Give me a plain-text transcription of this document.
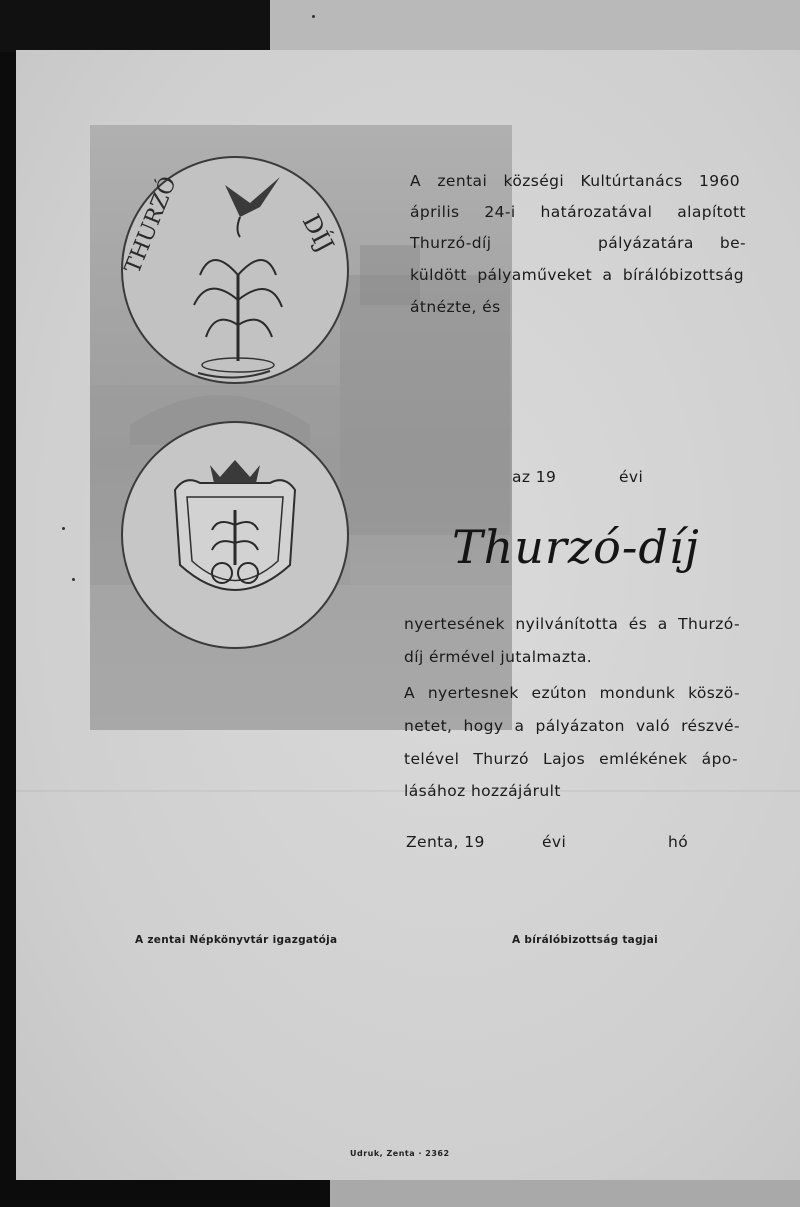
THURZÓ	DÍJ
A zentai községi Kultúrtanács 1960
április 24-i határozatával alapított
Thurzó-díj	pályázatára be-
küldött pályaműveket a bírálóbizottság
átnézte, és
az 19	évi
Thurzó-díj
nyertesének nyilvánította és a Thurzó-
díj érmével jutalmazta.
A nyertesnek ezúton mondunk köszö-
netet, hogy a pályázaton való részvé-
telével Thurzó Lajos emlékének ápo-
lásához hozzájárult
Zenta, 19	évi	hó
A zentai Népkönyvtár igazgatója	A bírálóbizottság tagjai
Udruk, Zenta · 2362
